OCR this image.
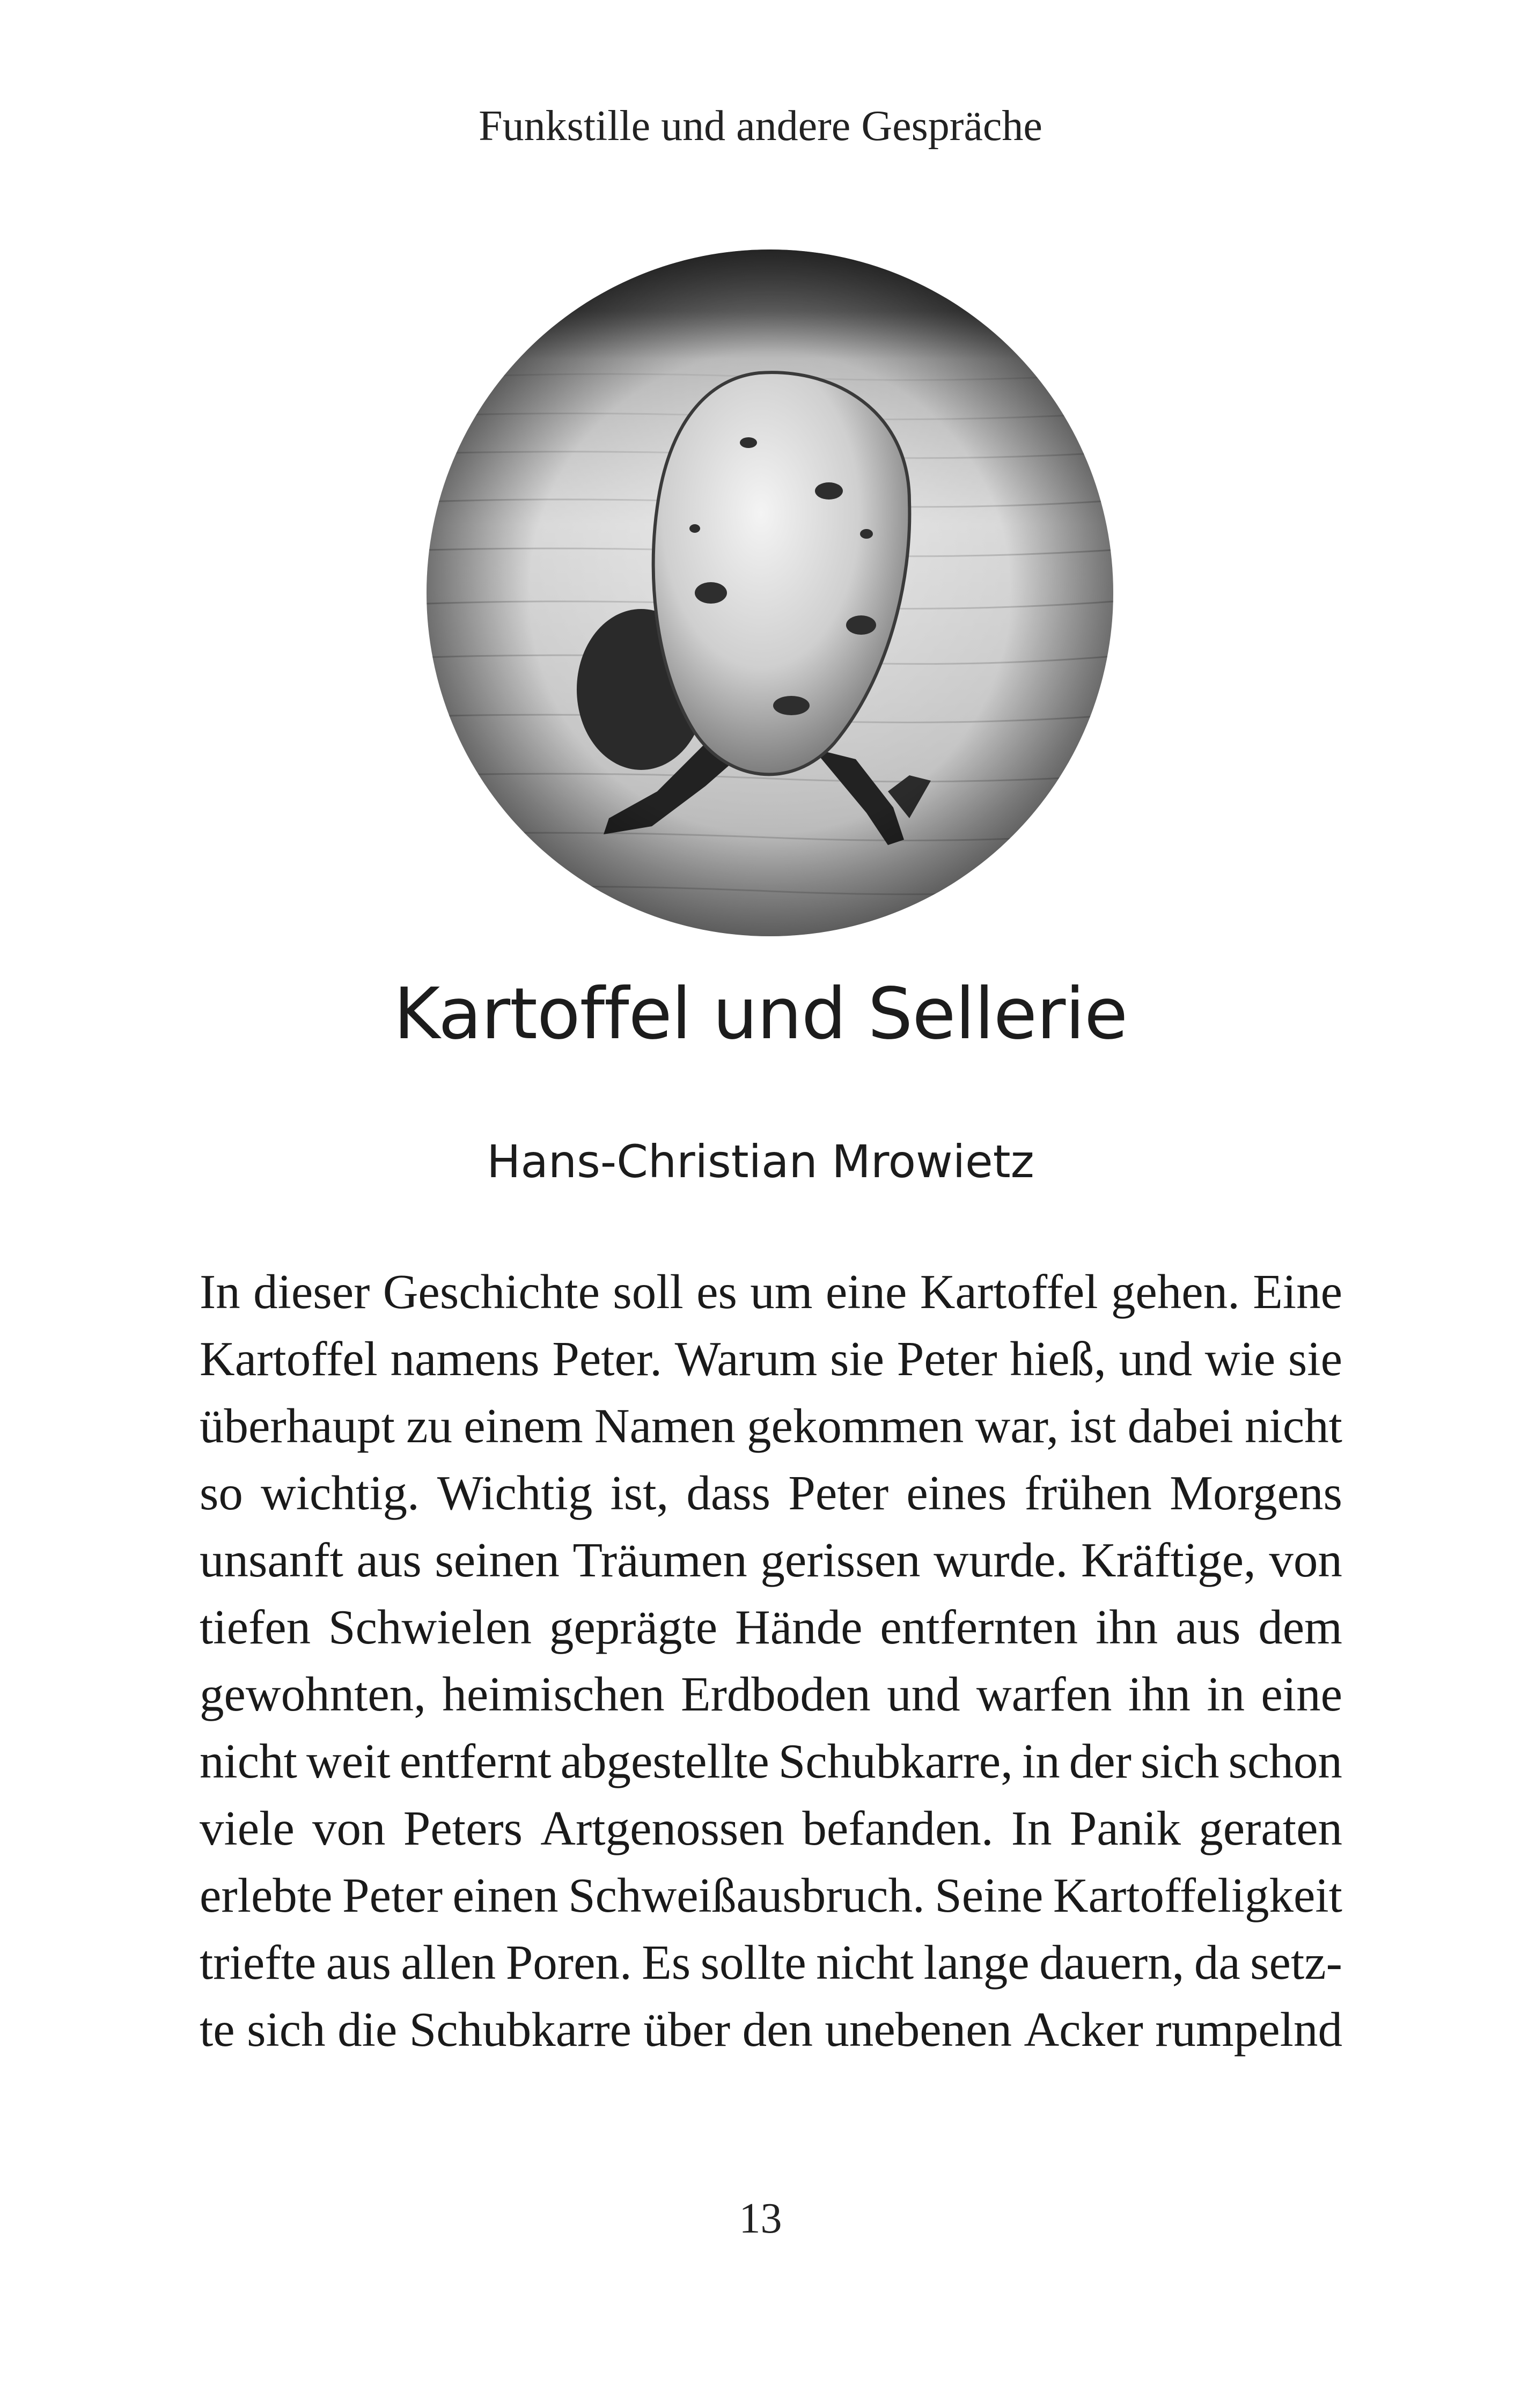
Funkstille und andere Gespräche
Kartoffel und Sellerie
Hans-Christian Mrowietz
In dieser Geschichte soll es um eine Kartoffel gehen. Eine
Kartoffel namens Peter. Warum sie Peter hieß, und wie sie
überhaupt zu einem Namen gekommen war, ist dabei nicht
so wichtig. Wichtig ist, dass Peter eines frühen Morgens
unsanft aus seinen Träumen gerissen wurde. Kräftige, von
tiefen Schwielen geprägte Hände entfernten ihn aus dem
gewohnten, heimischen Erdboden und warfen ihn in eine
nicht weit entfernt abgestellte Schubkarre, in der sich schon
viele von Peters Artgenossen befanden. In Panik geraten
erlebte Peter einen Schweißausbruch. Seine Kartoffeligkeit
triefte aus allen Poren. Es sollte nicht lange dauern, da setz-
te sich die Schubkarre über den unebenen Acker rumpelnd
13
